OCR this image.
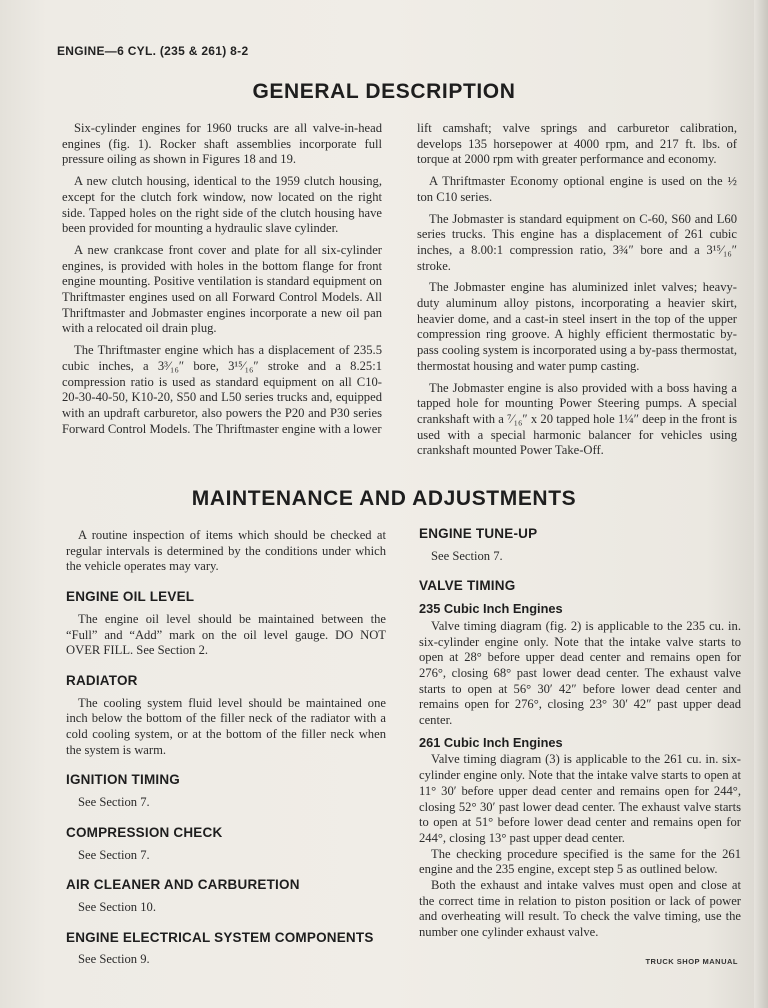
ENGINE—6 CYL. (235 & 261) 8-2
GENERAL DESCRIPTION

Six-cylinder engines for 1960 trucks are all valve-in-head engines (fig. 1). Rocker shaft assemblies incorporate full pressure oiling as shown in Figures 18 and 19.

A new clutch housing, identical to the 1959 clutch housing, except for the clutch fork window, now located on the right side. Tapped holes on the right side of the clutch housing have been provided for mounting a hydraulic slave cylinder.

A new crankcase front cover and plate for all six-cylinder engines, is provided with holes in the bottom flange for front engine mounting. Positive ventilation is standard equipment on Thriftmaster engines used on all Forward Control Models. All Thriftmaster and Jobmaster engines incorporate a new oil pan with a relocated oil drain plug.

The Thriftmaster engine which has a displacement of 235.5 cubic inches, a 3³⁄₁₆″ bore, 3¹⁵⁄₁₆″ stroke and a 8.25:1 compression ratio is used as standard equipment on all C10-20-30-40-50, K10-20, S50 and L50 series trucks and, equipped with an updraft carburetor, also powers the P20 and P30 series Forward Control Models. The Thriftmaster engine with a lower

lift camshaft; valve springs and carburetor calibration, develops 135 horsepower at 4000 rpm, and 217 ft. lbs. of torque at 2000 rpm with greater performance and economy.

A Thriftmaster Economy optional engine is used on the ½ ton C10 series.

The Jobmaster is standard equipment on C-60, S60 and L60 series trucks. This engine has a displacement of 261 cubic inches, a 8.00:1 compression ratio, 3¾″ bore and a 3¹⁵⁄₁₆″ stroke.

The Jobmaster engine has aluminized inlet valves; heavy-duty aluminum alloy pistons, incorporating a heavier skirt, heavier dome, and a cast-in steel insert in the top of the upper compression ring groove. A highly efficient thermostatic by-pass cooling system is incorporated using a by-pass thermostat, thermostat housing and water pump casting.

The Jobmaster engine is also provided with a boss having a tapped hole for mounting Power Steering pumps. A special crankshaft with a ⁷⁄₁₆″ x 20 tapped hole 1¼″ deep in the front is used with a special harmonic balancer for vehicles using crankshaft mounted Power Take-Off.

MAINTENANCE AND ADJUSTMENTS

A routine inspection of items which should be checked at regular intervals is determined by the conditions under which the vehicle operates may vary.

ENGINE OIL LEVEL

The engine oil level should be maintained between the “Full” and “Add” mark on the oil level gauge. DO NOT OVER FILL. See Section 2.

RADIATOR

The cooling system fluid level should be maintained one inch below the bottom of the filler neck of the radiator with a cold cooling system, or at the bottom of the filler neck when the system is warm.

IGNITION TIMING

See Section 7.

COMPRESSION CHECK

See Section 7.

AIR CLEANER AND CARBURETION

See Section 10.

ENGINE ELECTRICAL SYSTEM COMPONENTS

See Section 9.

ENGINE TUNE-UP

See Section 7.

VALVE TIMING
235 Cubic Inch Engines

Valve timing diagram (fig. 2) is applicable to the 235 cu. in. six-cylinder engine only. Note that the intake valve starts to open at 28° before upper dead center and remains open for 276°, closing 68° past lower dead center. The exhaust valve starts to open at 56° 30′ 42″ before lower dead center and remains open for 276°, closing 23° 30′ 42″ past upper dead center.

261 Cubic Inch Engines

Valve timing diagram (3) is applicable to the 261 cu. in. six-cylinder engine only. Note that the intake valve starts to open at 11° 30′ before upper dead center and remains open for 244°, closing 52° 30′ past lower dead center. The exhaust valve starts to open at 51° before lower dead center and remains open for 244°, closing 13° past upper dead center.

The checking procedure specified is the same for the 261 engine and the 235 engine, except step 5 as outlined below.

Both the exhaust and intake valves must open and close at the correct time in relation to piston position or lack of power and overheating will result. To check the valve timing, use the number one cylinder exhaust valve.

TRUCK SHOP MANUAL
